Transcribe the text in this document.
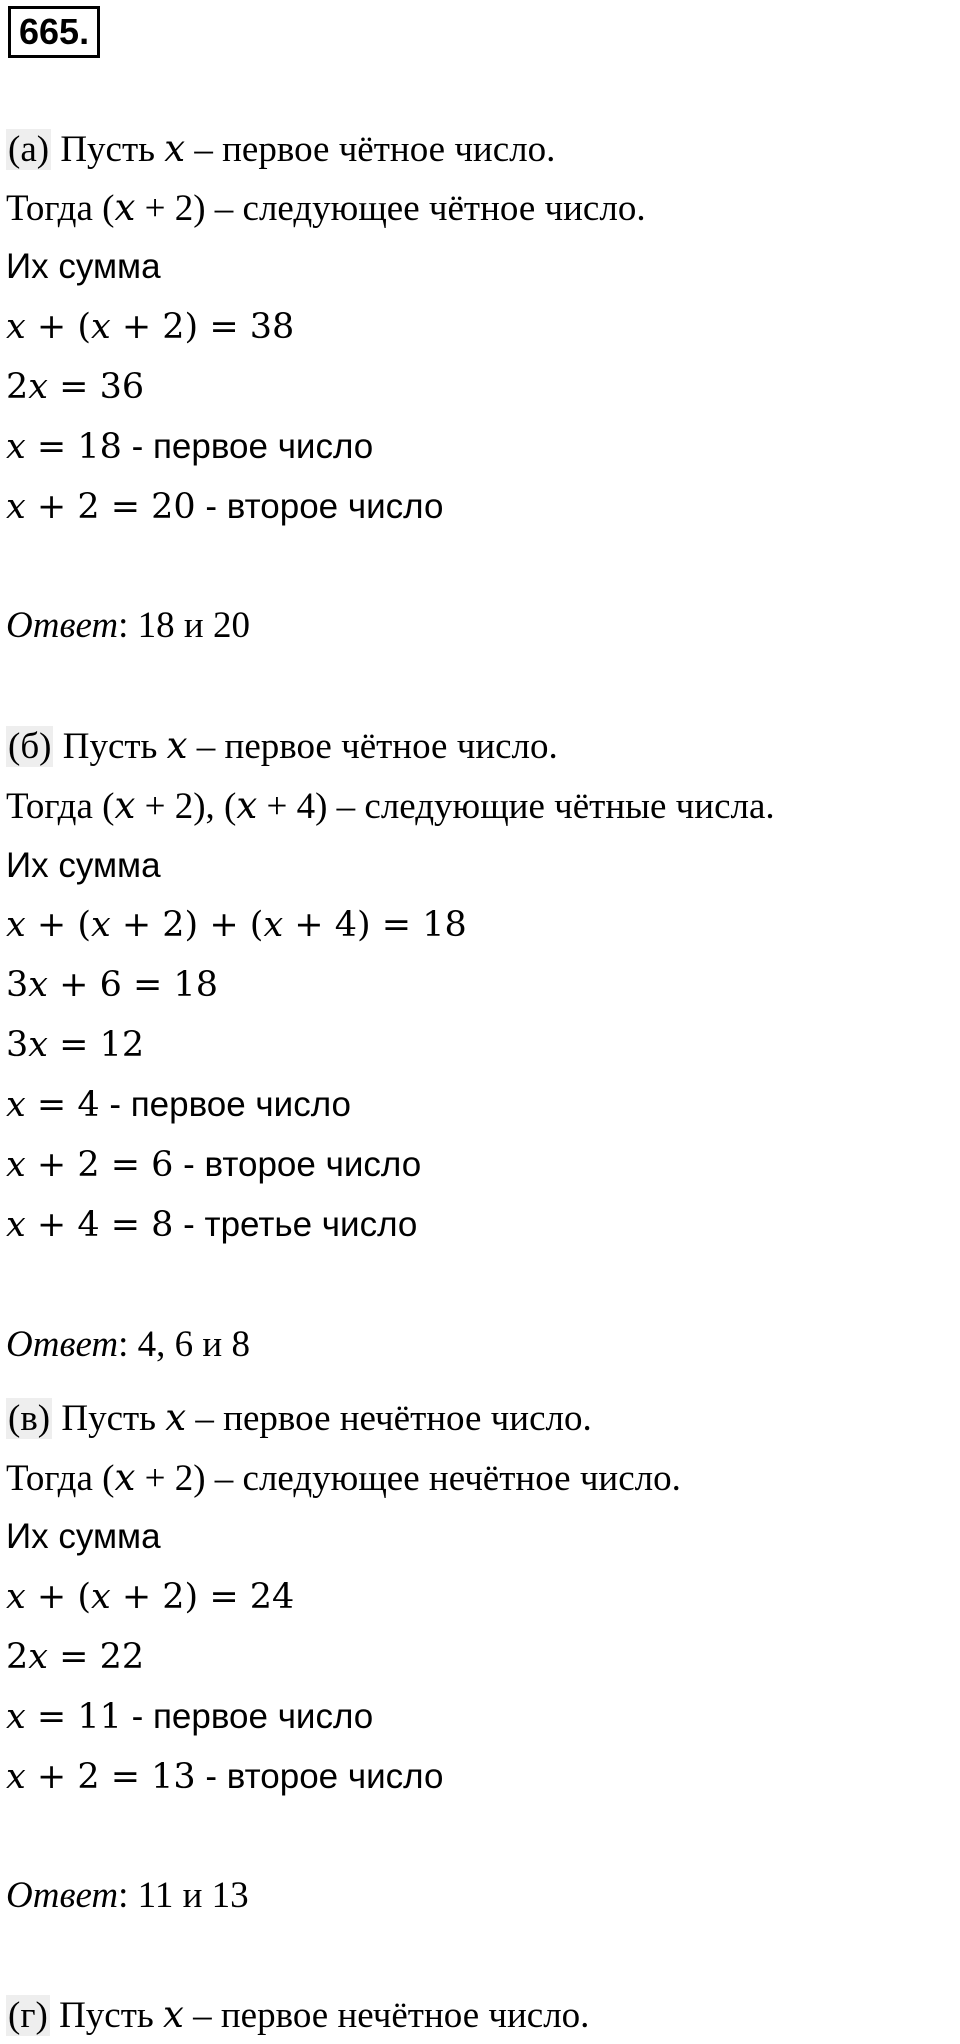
665.
(а) Пусть 𝑥 – первое чётное число.
Тогда (𝑥 + 2) – следующее чётное число.
Их сумма
𝑥 + (𝑥 + 2) = 38
2𝑥 = 36
𝑥 = 18 - первое число
𝑥 + 2 = 20 - второе число
Ответ: 18 и 20
(б) Пусть 𝑥 – первое чётное число.
Тогда (𝑥 + 2), (𝑥 + 4) – следующие чётные числа.
Их сумма
𝑥 + (𝑥 + 2) + (𝑥 + 4) = 18
3𝑥 + 6 = 18
3𝑥 = 12
𝑥 = 4 - первое число
𝑥 + 2 = 6 - второе число
𝑥 + 4 = 8 - третье число
Ответ: 4, 6 и 8
(в) Пусть 𝑥 – первое нечётное число.
Тогда (𝑥 + 2) – следующее нечётное число.
Их сумма
𝑥 + (𝑥 + 2) = 24
2𝑥 = 22
𝑥 = 11 - первое число
𝑥 + 2 = 13 - второе число
Ответ: 11 и 13
(г) Пусть 𝑥 – первое нечётное число.
